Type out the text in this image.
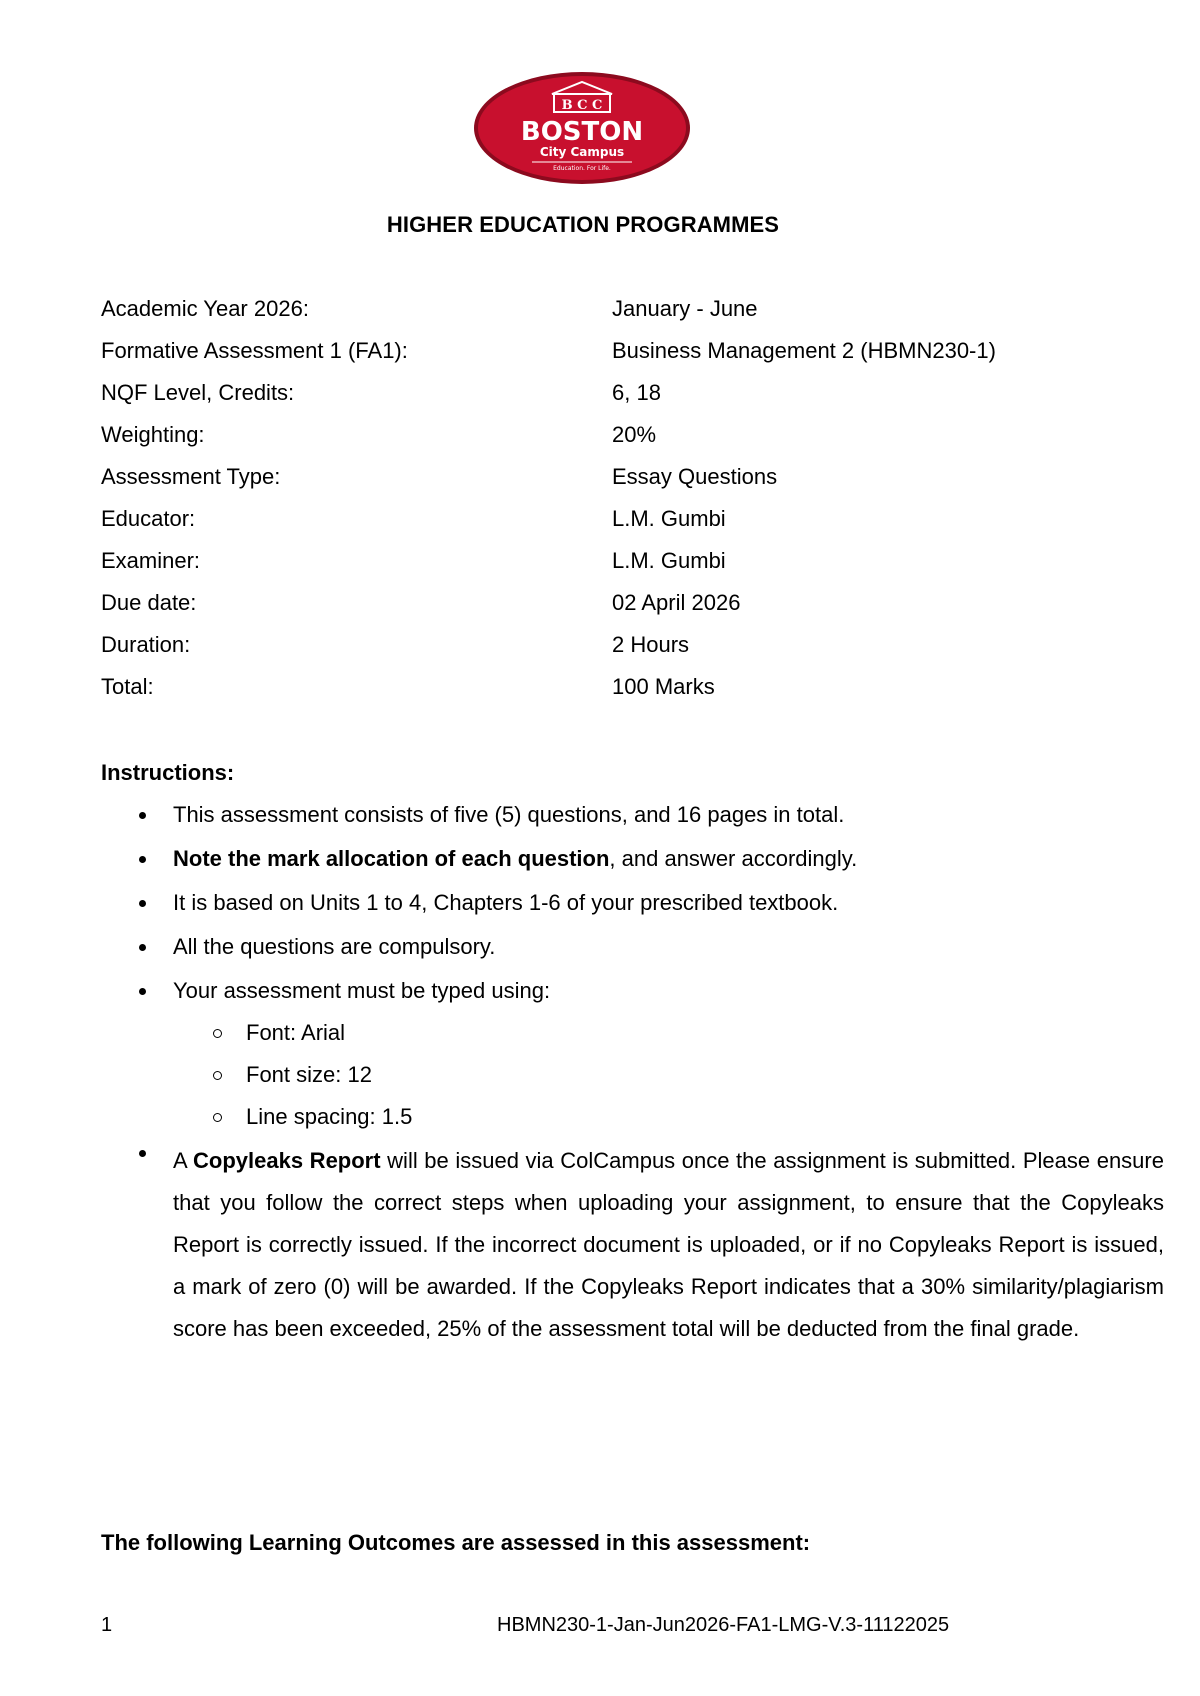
B C C
BOSTON
City Campus
Education. For Life.
HIGHER EDUCATION PROGRAMMES
Academic Year 2026:	January - June
Formative Assessment 1 (FA1):	Business Management 2 (HBMN230-1)
NQF Level, Credits:	6, 18
Weighting:	20%
Assessment Type:	Essay Questions
Educator:	L.M. Gumbi
Examiner:	L.M. Gumbi
Due date:	02 April 2026
Duration:	2 Hours
Total:	100 Marks
Instructions:
This assessment consists of five (5) questions, and 16 pages in total.
Note the mark allocation of each question, and answer accordingly.
It is based on Units 1 to 4, Chapters 1-6 of your prescribed textbook.
All the questions are compulsory.
Your assessment must be typed using:
Font: Arial
Font size: 12
Line spacing: 1.5
A Copyleaks Report will be issued via ColCampus once the assignment is submitted. Please ensure that you follow the correct steps when uploading your assignment, to ensure that the Copyleaks Report is correctly issued. If the incorrect document is uploaded, or if no Copyleaks Report is issued, a mark of zero (0) will be awarded. If the Copyleaks Report indicates that a 30% similarity/plagiarism score has been exceeded, 25% of the assessment total will be deducted from the final grade.
The following Learning Outcomes are assessed in this assessment:
1	HBMN230-1-Jan-Jun2026-FA1-LMG-V.3-11122025
